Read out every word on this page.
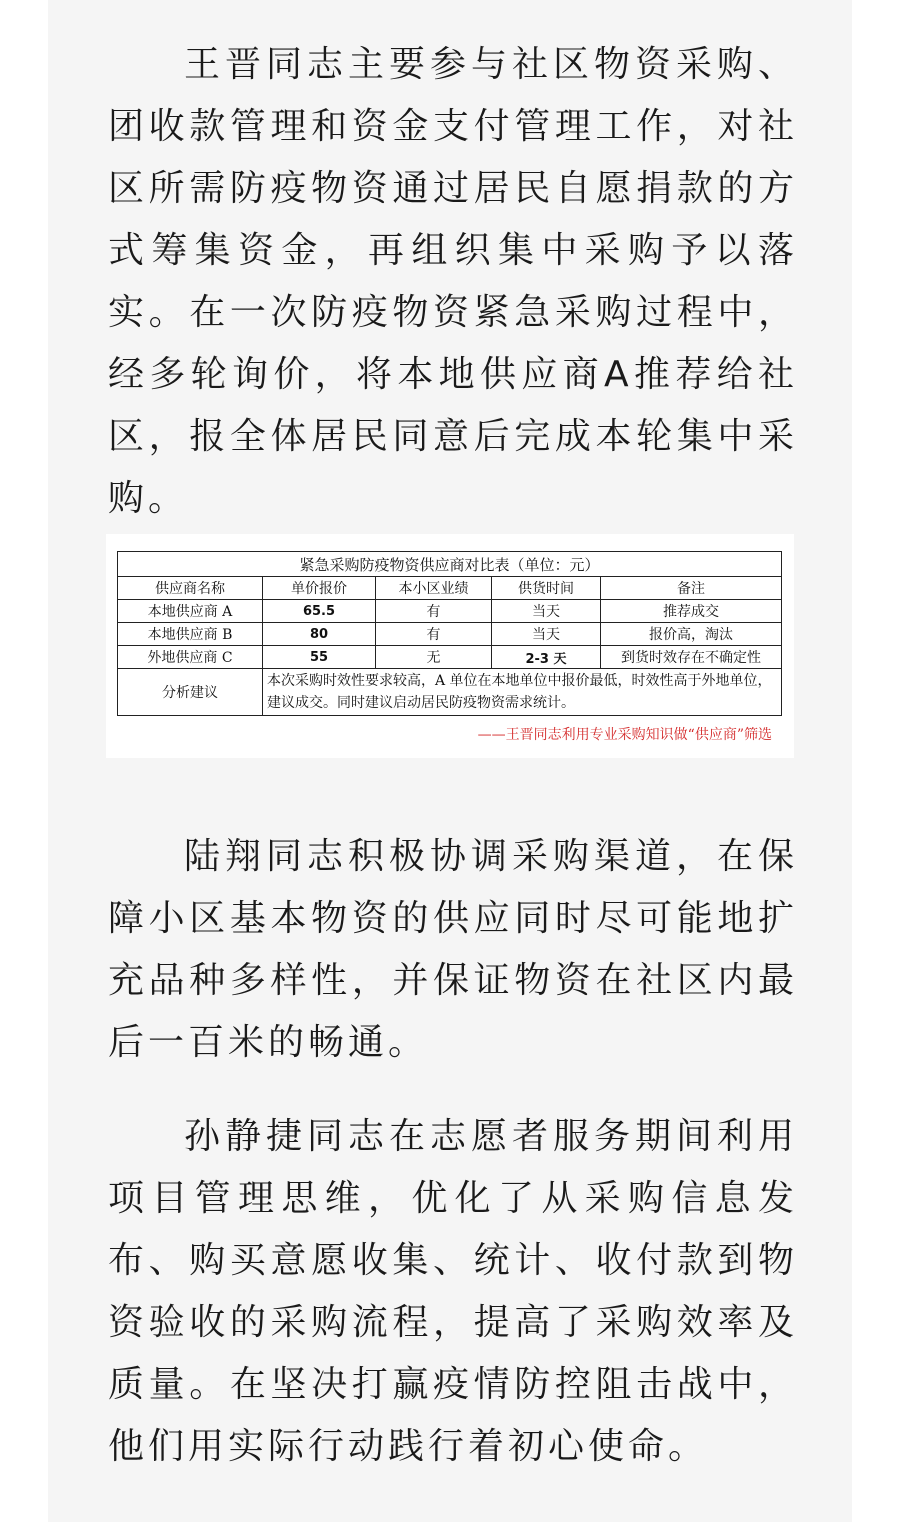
王晋同志主要参与社区物资采购、团收款管理和资金支付管理工作，对社区所需防疫物资通过居民自愿捐款的方式筹集资金，再组织集中采购予以落实。在一次防疫物资紧急采购过程中，经多轮询价，将本地供应商A推荐给社区，报全体居民同意后完成本轮集中采购。

紧急采购防疫物资供应商对比表（单位：元）				
供应商名称	单价报价	本小区业绩	供货时间	备注
本地供应商 A	65.5	有	当天	推荐成交
本地供应商 B	80	有	当天	报价高，淘汰
外地供应商 C	55	无	2-3 天	到货时效存在不确定性
分析建议	本次采购时效性要求较高，A 单位在本地单位中报价最低，时效性高于外地单位，建议成交。同时建议启动居民防疫物资需求统计。			
——王晋同志利用专业采购知识做“供应商”筛选

陆翔同志积极协调采购渠道，在保障小区基本物资的供应同时尽可能地扩充品种多样性，并保证物资在社区内最后一百米的畅通。

孙静捷同志在志愿者服务期间利用项目管理思维，优化了从采购信息发布、购买意愿收集、统计、收付款到物资验收的采购流程，提高了采购效率及质量。在坚决打赢疫情防控阻击战中，他们用实际行动践行着初心使命。
